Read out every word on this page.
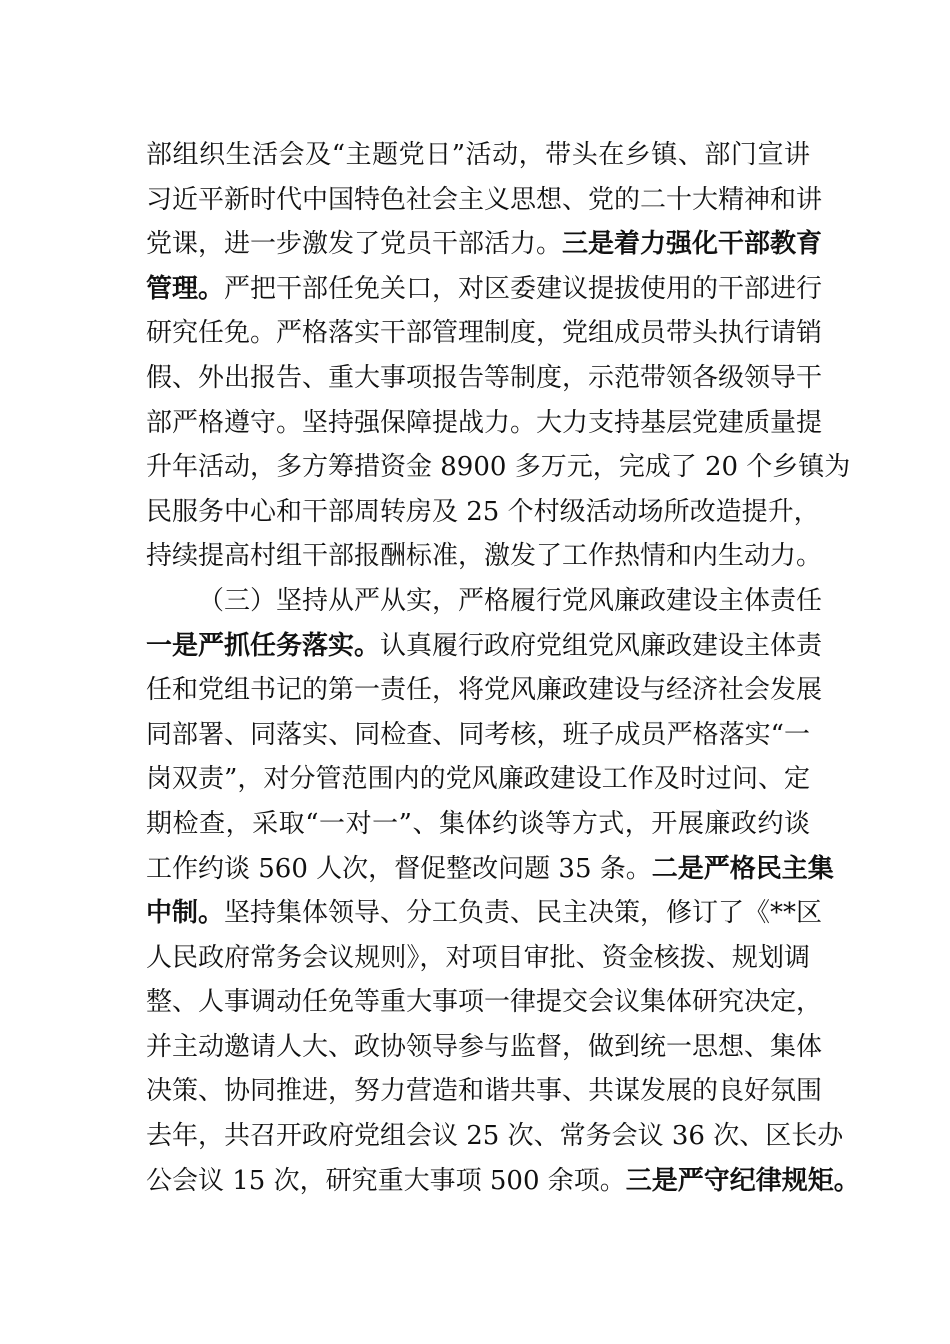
部组织生活会及“主题党日”活动，带头在乡镇、部门宣讲
习近平新时代中国特色社会主义思想、党的二十大精神和讲
党课，进一步激发了党员干部活力。三是着力强化干部教育
管理。严把干部任免关口，对区委建议提拔使用的干部进行
研究任免。严格落实干部管理制度，党组成员带头执行请销
假、外出报告、重大事项报告等制度，示范带领各级领导干
部严格遵守。坚持强保障提战力。大力支持基层党建质量提
升年活动，多方筹措资金 8900 多万元，完成了 20 个乡镇为
民服务中心和干部周转房及 25 个村级活动场所改造提升，
持续提高村组干部报酬标准，激发了工作热情和内生动力。
（三）坚持从严从实，严格履行党风廉政建设主体责任
一是严抓任务落实。认真履行政府党组党风廉政建设主体责
任和党组书记的第一责任，将党风廉政建设与经济社会发展
同部署、同落实、同检查、同考核，班子成员严格落实“一
岗双责”，对分管范围内的党风廉政建设工作及时过问、定
期检查，采取“一对一”、集体约谈等方式，开展廉政约谈
工作约谈 560 人次，督促整改问题 35 条。二是严格民主集
中制。坚持集体领导、分工负责、民主决策，修订了《**区
人民政府常务会议规则》，对项目审批、资金核拨、规划调
整、人事调动任免等重大事项一律提交会议集体研究决定，
并主动邀请人大、政协领导参与监督，做到统一思想、集体
决策、协同推进，努力营造和谐共事、共谋发展的良好氛围
去年，共召开政府党组会议 25 次、常务会议 36 次、区长办
公会议 15 次，研究重大事项 500 余项。三是严守纪律规矩。
